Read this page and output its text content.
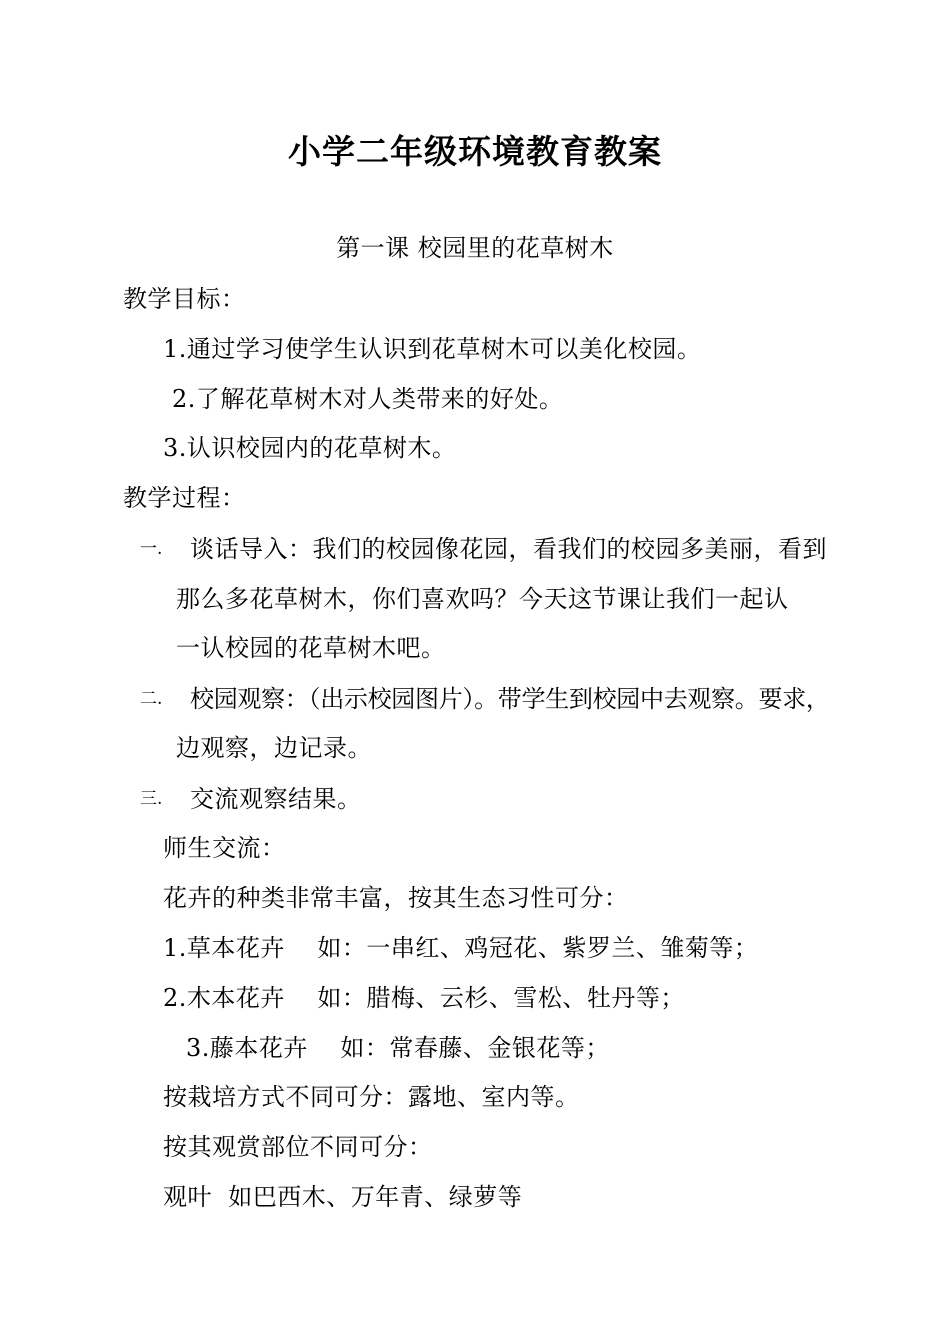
小学二年级环境教育教案
第一课 校园里的花草树木
教学目标：
1.通过学习使学生认识到花草树木可以美化校园。
2.了解花草树木对人类带来的好处。
3.认识校园内的花草树木。
教学过程：
一. 谈话导入：我们的校园像花园，看我们的校园多美丽，看到
那么多花草树木，你们喜欢吗？今天这节课让我们一起认
一认校园的花草树木吧。
二. 校园观察：（出示校园图片）。带学生到校园中去观察。要求，
边观察，边记录。
三. 交流观察结果。
师生交流：
花卉的种类非常丰富，按其生态习性可分：
1.草本花卉    如：一串红、鸡冠花、紫罗兰、雏菊等；
2.木本花卉    如：腊梅、云杉、雪松、牡丹等；
3.藤本花卉    如：常春藤、金银花等；
按栽培方式不同可分：露地、室内等。
按其观赏部位不同可分：
观叶  如巴西木、万年青、绿萝等
